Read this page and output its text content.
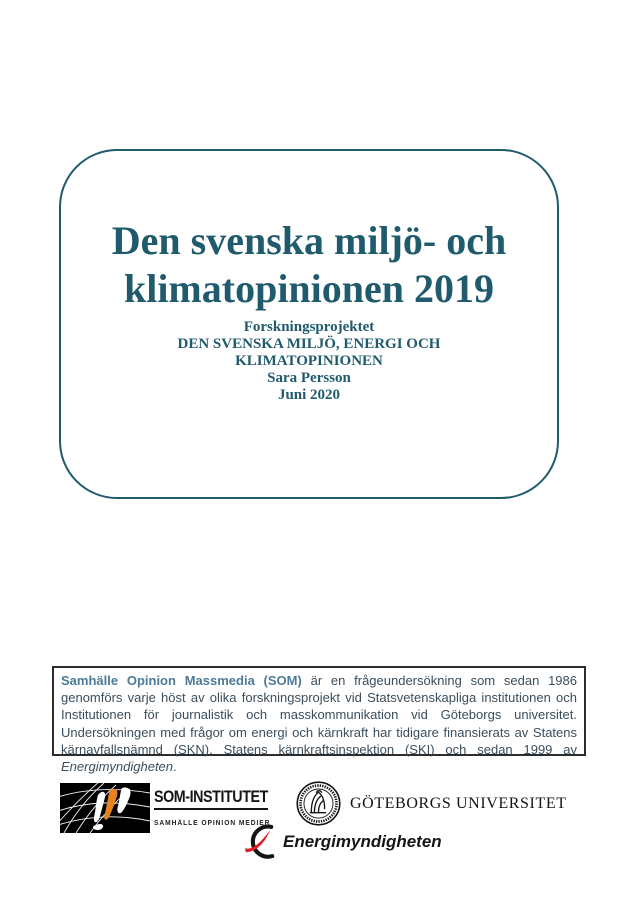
Den svenska miljö- och
klimatopinionen 2019
Forskningsprojektet
DEN SVENSKA MILJÖ, ENERGI OCH
KLIMATOPINIONEN
Sara Persson
Juni 2020
Samhälle Opinion Massmedia (SOM) är en frågeundersökning som sedan 1986 genomförs varje höst av olika forskningsprojekt vid Statsvetenskapliga institutionen och Institutionen för journalistik och masskommunikation vid Göteborgs universitet. Undersökningen med frågor om energi och kärnkraft har tidigare finansierats av Statens kärnavfallsnämnd (SKN), Statens kärnkraftsinspektion (SKI) och sedan 1999 av Energimyndigheten.
SOM-INSTITUTET
SAMHÄLLE OPINION MEDIER
GÖTEBORGS UNIVERSITET
Energimyndigheten
